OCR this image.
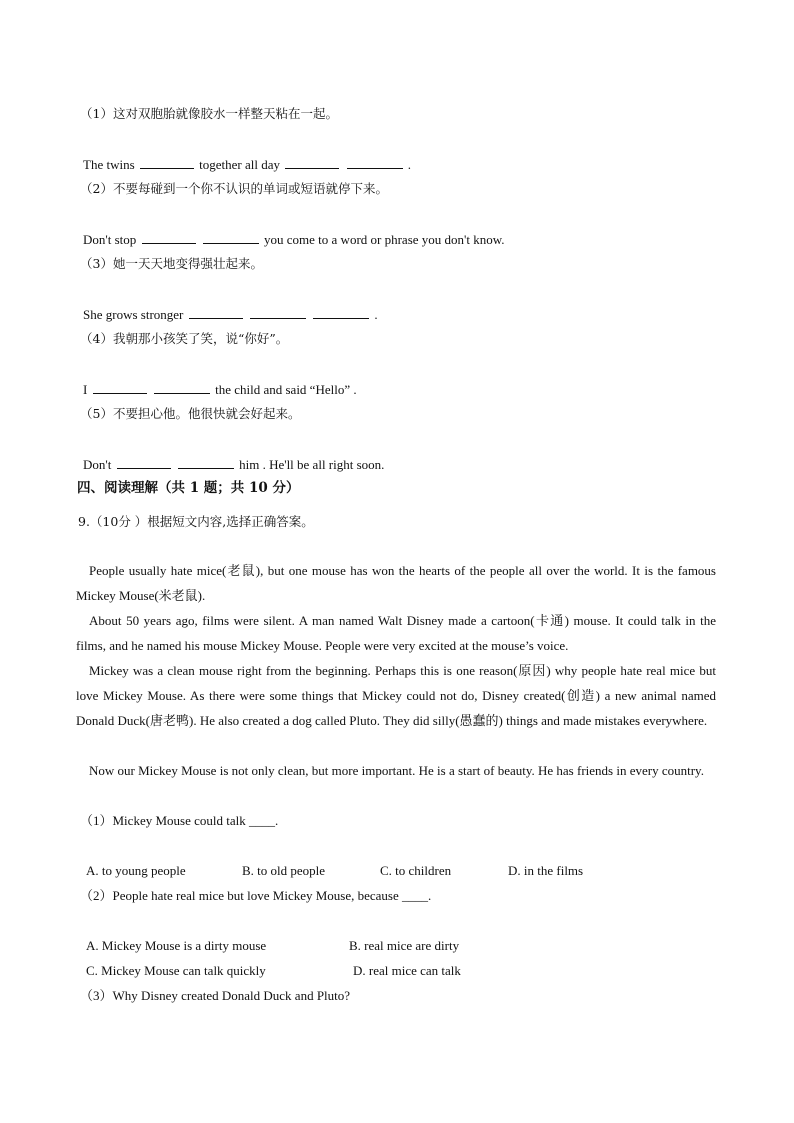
（1）这对双胞胎就像胶水一样整天粘在一起。
The twins	together all day	.
（2）不要每碰到一个你不认识的单词或短语就停下来。
Don't stop	you come to a word or phrase you don't know.
（3）她一天天地变得强壮起来。
She grows stronger	.
（4）我朝那小孩笑了笑，说“你好”。
I	the child and said “Hello” .
（5）不要担心他。他很快就会好起来。
Don't	him . He'll be all right soon.
四、阅读理解（共 1 题；共 10 分）
9.（10分 ）根据短文内容,选择正确答案。
People usually hate mice(老鼠), but one mouse has won the hearts of the people all over the world. It is the famous Mickey Mouse(米老鼠).
About 50 years ago, films were silent. A man named Walt Disney made a cartoon(卡通) mouse. It could talk in the films, and he named his mouse Mickey Mouse. People were very excited at the mouse’s voice.
Mickey was a clean mouse right from the beginning. Perhaps this is one reason(原因) why people hate real mice but love Mickey Mouse. As there were some things that Mickey could not do, Disney created(创造) a new animal named Donald Duck(唐老鸭). He also created a dog called Pluto. They did silly(愚蠢的) things and made mistakes everywhere.
Now our Mickey Mouse is not only clean, but more important. He is a start of beauty. He has friends in every country.
（1）Mickey Mouse could talk ____.
A. to young people	B. to old people	C. to children	D. in the films
（2）People hate real mice but love Mickey Mouse, because ____.
A. Mickey Mouse is a dirty mouse	B. real mice are dirty
C. Mickey Mouse can talk quickly	D. real mice can talk
（3）Why Disney created Donald Duck and Pluto?
